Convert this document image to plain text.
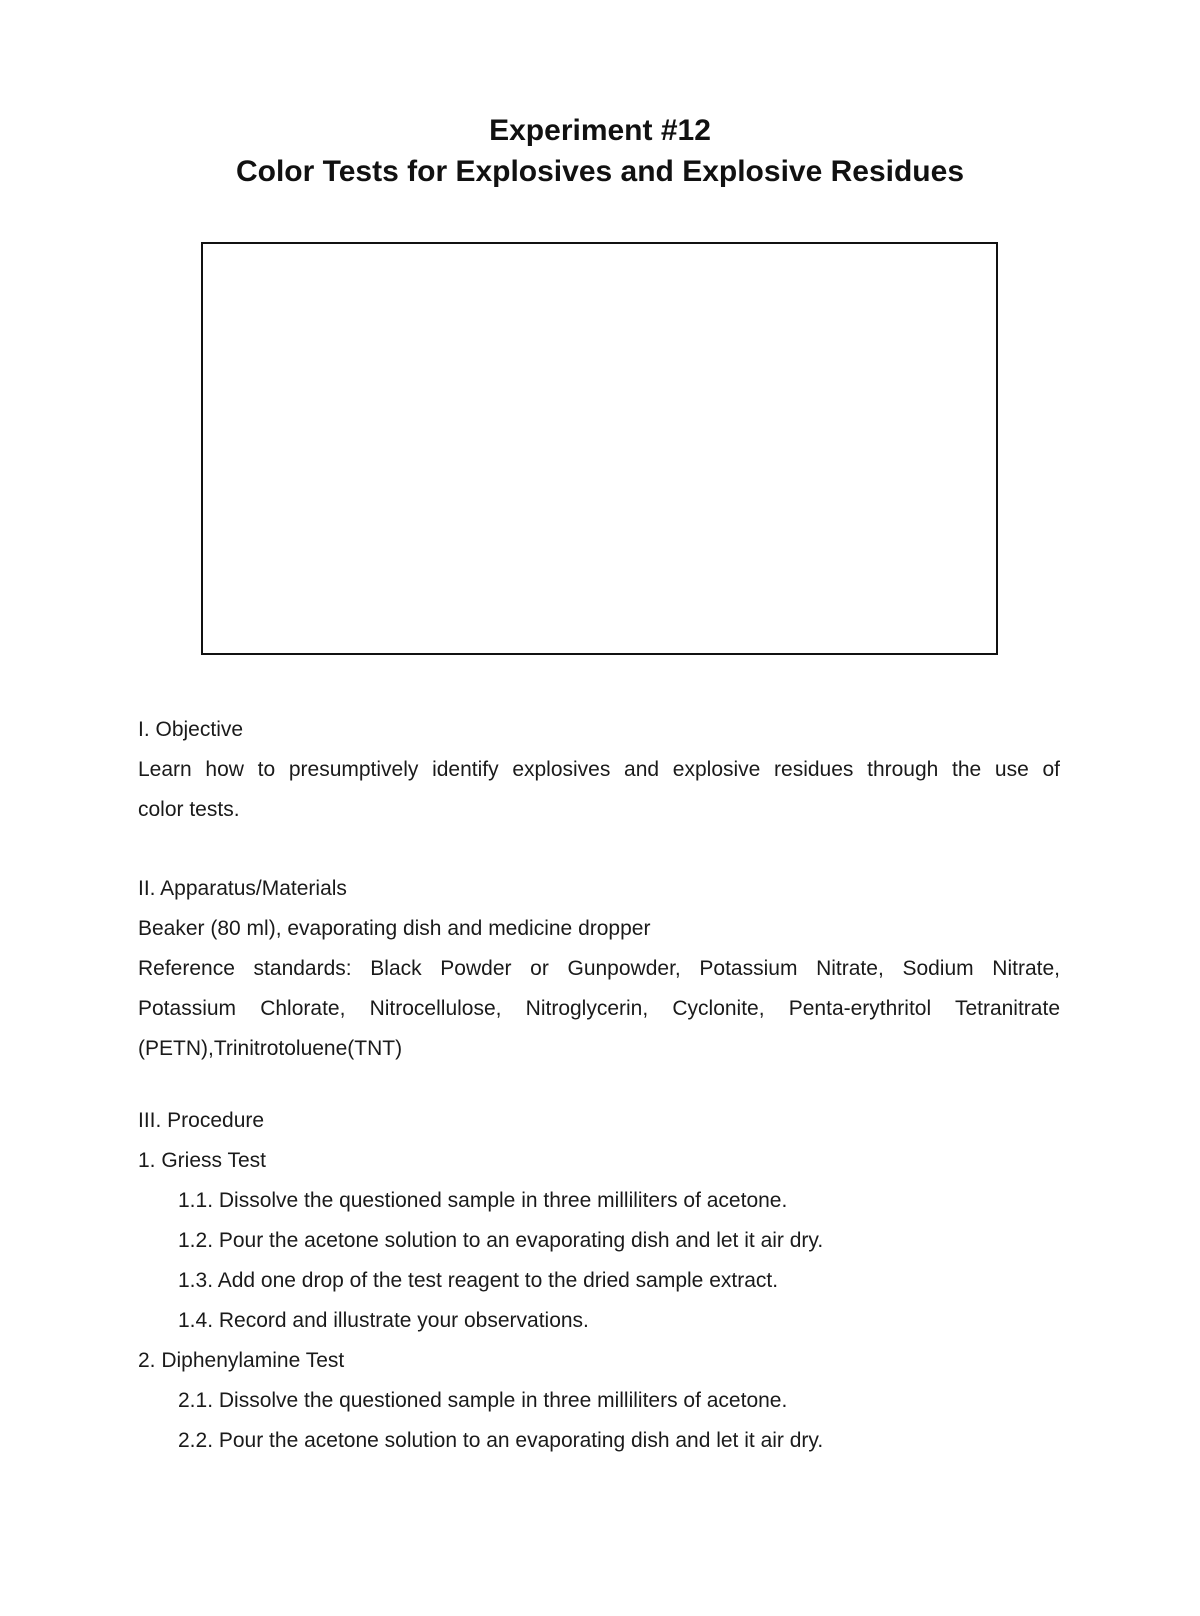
Experiment #12
Color Tests for Explosives and Explosive Residues
I. Objective
Learn how to presumptively identify explosives and explosive residues through the use of
color tests.
II. Apparatus/Materials
Beaker (80 ml), evaporating dish and medicine dropper
Reference standards: Black Powder or Gunpowder, Potassium Nitrate, Sodium Nitrate,
Potassium Chlorate, Nitrocellulose, Nitroglycerin, Cyclonite, Penta-erythritol Tetranitrate
(PETN),Trinitrotoluene(TNT)
III. Procedure
1. Griess Test
1.1. Dissolve the questioned sample in three milliliters of acetone.
1.2. Pour the acetone solution to an evaporating dish and let it air dry.
1.3. Add one drop of the test reagent to the dried sample extract.
1.4. Record and illustrate your observations.
2. Diphenylamine Test
2.1. Dissolve the questioned sample in three milliliters of acetone.
2.2. Pour the acetone solution to an evaporating dish and let it air dry.
